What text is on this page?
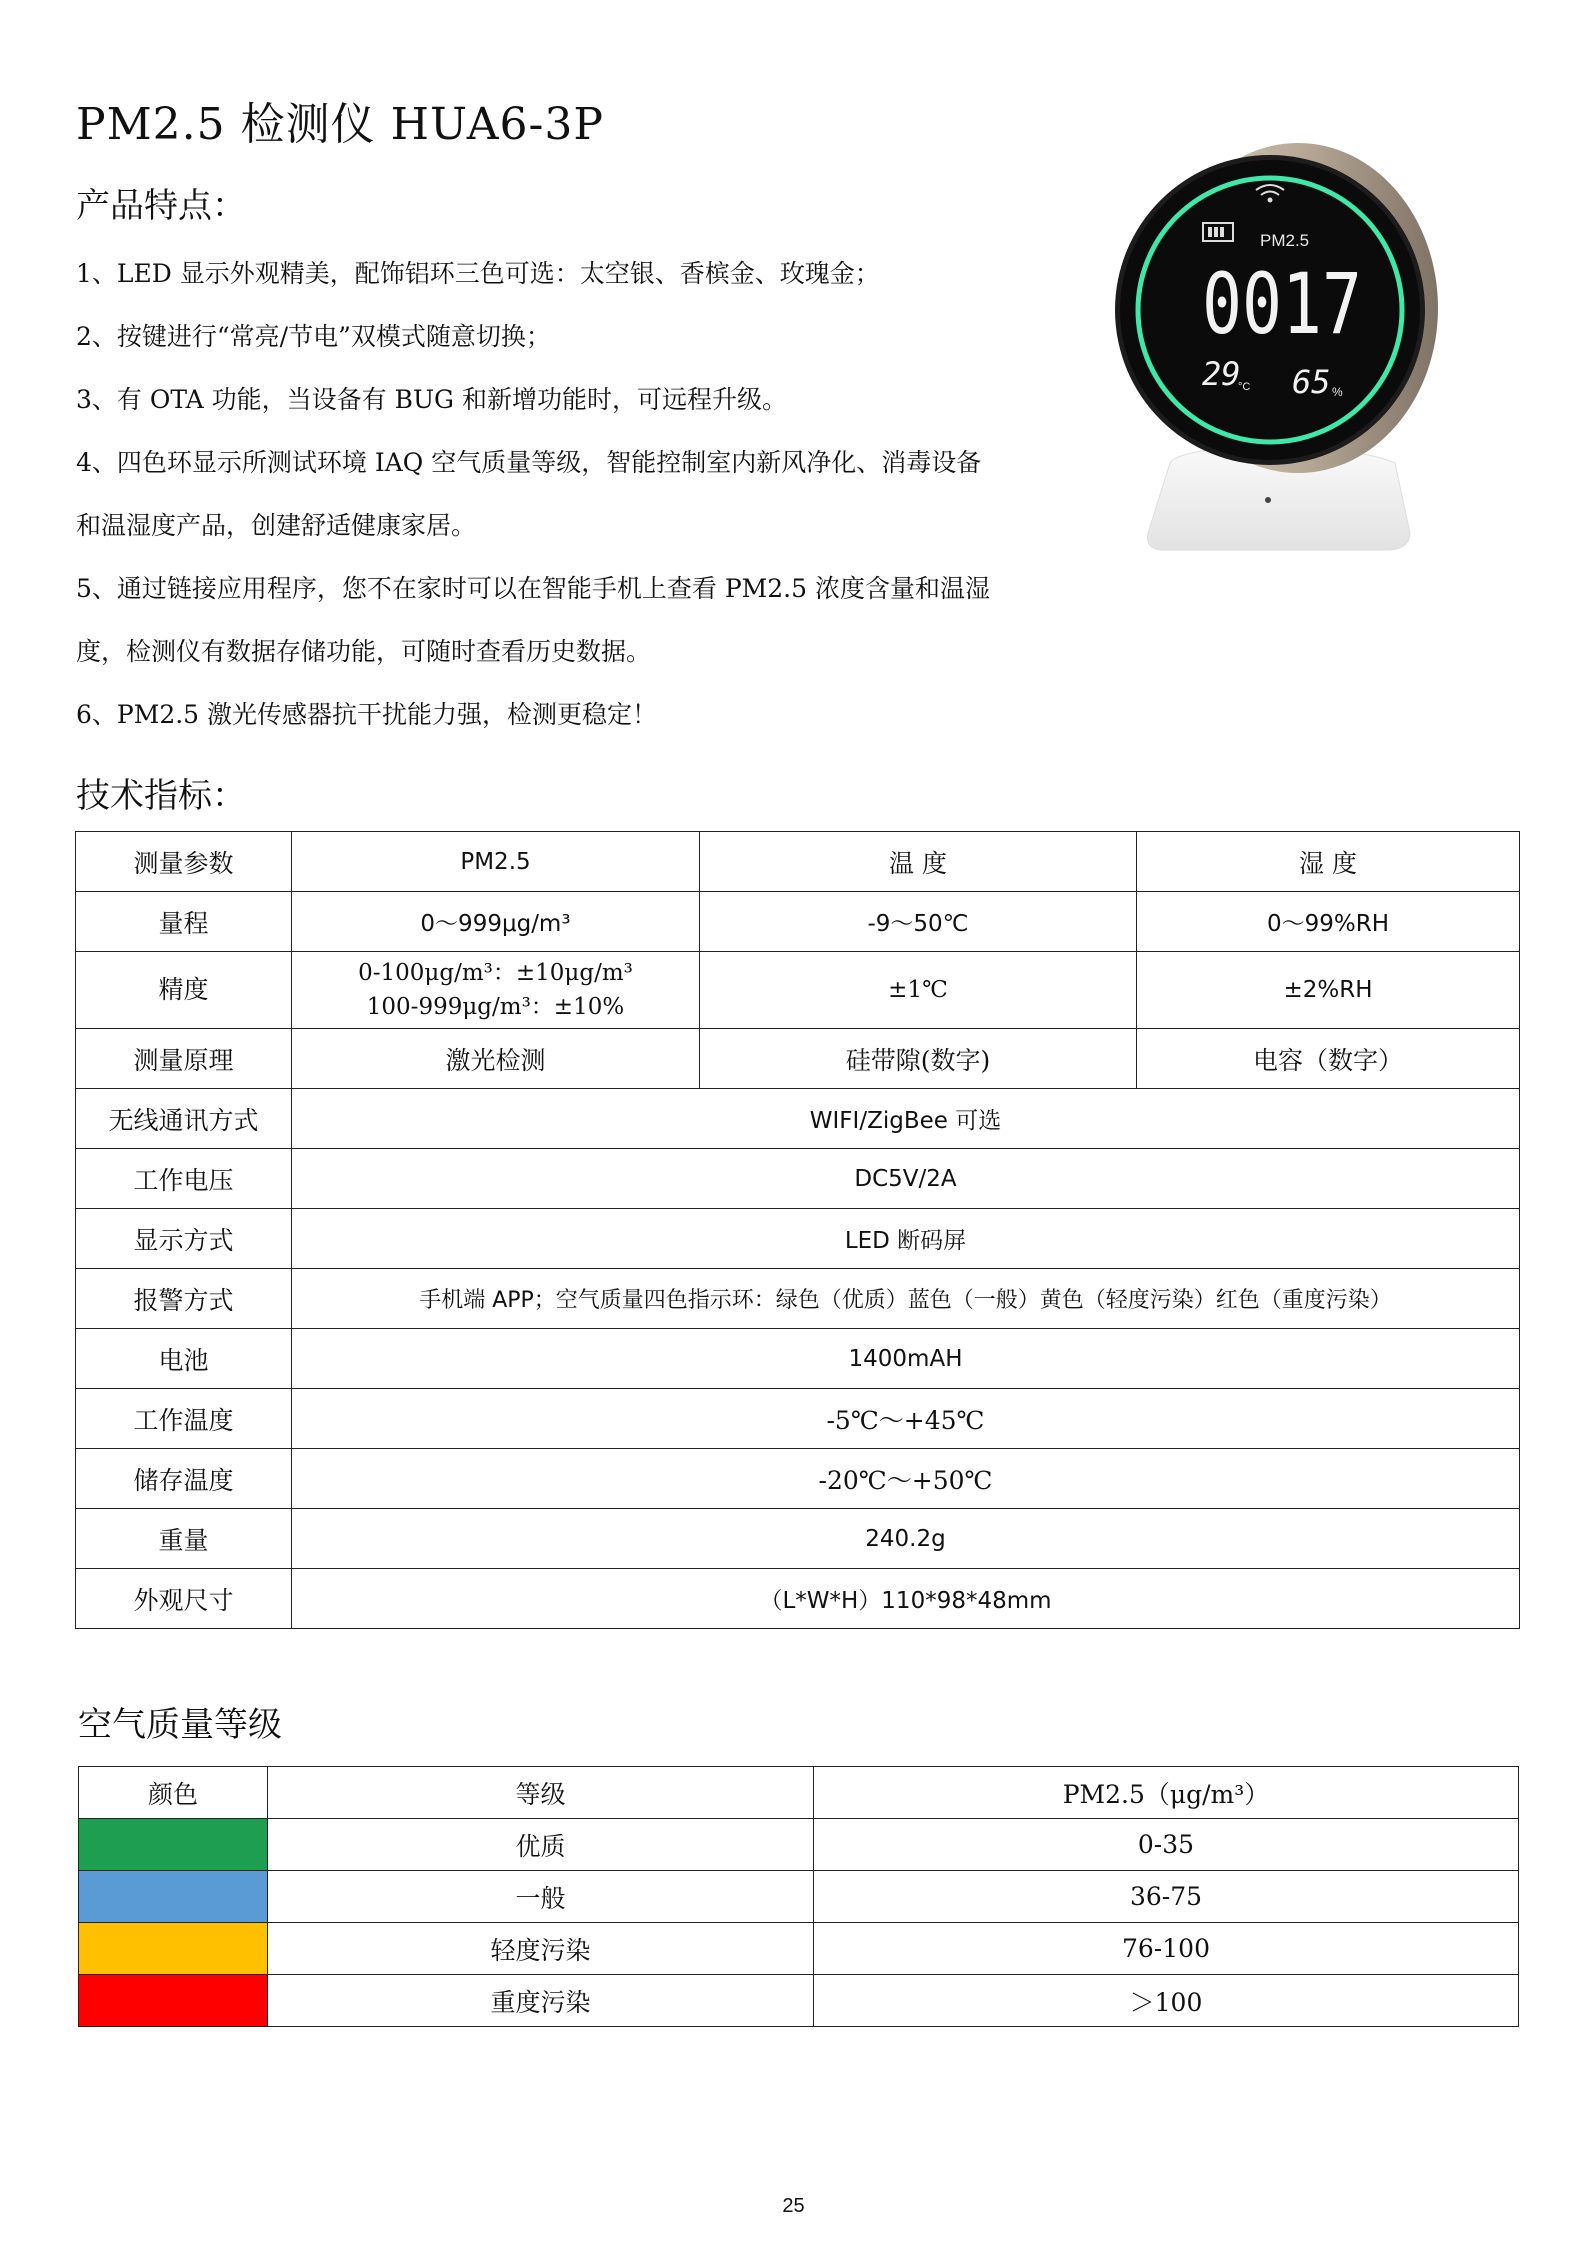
PM2.5 检测仪 HUA6-3P
产品特点：
1、LED 显示外观精美，配饰铝环三色可选：太空银、香槟金、玫瑰金；
2、按键进行“常亮/节电”双模式随意切换；
3、有 OTA 功能，当设备有 BUG 和新增功能时，可远程升级。
4、四色环显示所测试环境 IAQ 空气质量等级，智能控制室内新风净化、消毒设备
和温湿度产品，创建舒适健康家居。
5、通过链接应用程序，您不在家时可以在智能手机上查看 PM2.5 浓度含量和温湿
度，检测仪有数据存储功能，可随时查看历史数据。
6、PM2.5 激光传感器抗干扰能力强，检测更稳定！
PM2.5
0017
29
°C 65 %
技术指标：
测量参数	PM2.5	温 度	湿 度
量程	0～999μg/m³	-9～50℃	0～99%RH
精度	0-100μg/m³：±10μg/m³
100-999μg/m³：±10%	±1℃	±2%RH
测量原理	激光检测	硅带隙(数字)	电容（数字）
无线通讯方式	WIFI/ZigBee 可选		
工作电压	DC5V/2A		
显示方式	LED 断码屏		
报警方式	手机端 APP；空气质量四色指示环：绿色（优质）蓝色（一般）黄色（轻度污染）红色（重度污染）		
电池	1400mAH		
工作温度	-5℃～+45℃		
储存温度	-20℃～+50℃		
重量	240.2g		
外观尺寸	（L*W*H）110*98*48mm		
空气质量等级
颜色	等级	PM2.5（μg/m³）
	优质	0-35
	一般	36-75
	轻度污染	76-100
	重度污染	＞100
25
